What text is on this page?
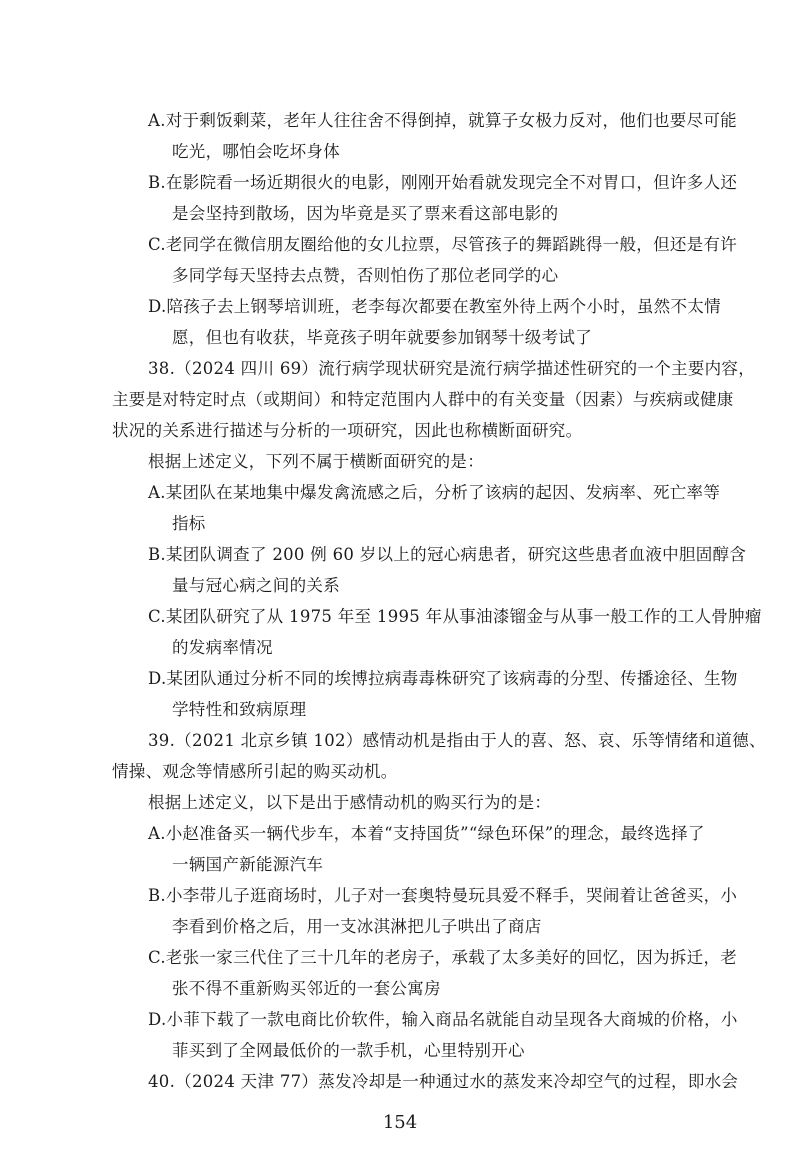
A.对于剩饭剩菜，老年人往往舍不得倒掉，就算子女极力反对，他们也要尽可能
吃光，哪怕会吃坏身体
B.在影院看一场近期很火的电影，刚刚开始看就发现完全不对胃口，但许多人还
是会坚持到散场，因为毕竟是买了票来看这部电影的
C.老同学在微信朋友圈给他的女儿拉票，尽管孩子的舞蹈跳得一般，但还是有许
多同学每天坚持去点赞，否则怕伤了那位老同学的心
D.陪孩子去上钢琴培训班，老李每次都要在教室外待上两个小时，虽然不太情
愿，但也有收获，毕竟孩子明年就要参加钢琴十级考试了
38.（2024 四川 69）流行病学现状研究是流行病学描述性研究的一个主要内容，
主要是对特定时点（或期间）和特定范围内人群中的有关变量（因素）与疾病或健康
状况的关系进行描述与分析的一项研究，因此也称横断面研究。
根据上述定义，下列不属于横断面研究的是：
A.某团队在某地集中爆发禽流感之后，分析了该病的起因、发病率、死亡率等
指标
B.某团队调查了 200 例 60 岁以上的冠心病患者，研究这些患者血液中胆固醇含
量与冠心病之间的关系
C.某团队研究了从 1975 年至 1995 年从事油漆镏金与从事一般工作的工人骨肿瘤
的发病率情况
D.某团队通过分析不同的埃博拉病毒毒株研究了该病毒的分型、传播途径、生物
学特性和致病原理
39.（2021 北京乡镇 102）感情动机是指由于人的喜、怒、哀、乐等情绪和道德、
情操、观念等情感所引起的购买动机。
根据上述定义，以下是出于感情动机的购买行为的是：
A.小赵准备买一辆代步车，本着“支持国货”“绿色环保”的理念，最终选择了
一辆国产新能源汽车
B.小李带儿子逛商场时，儿子对一套奥特曼玩具爱不释手，哭闹着让爸爸买，小
李看到价格之后，用一支冰淇淋把儿子哄出了商店
C.老张一家三代住了三十几年的老房子，承载了太多美好的回忆，因为拆迁，老
张不得不重新购买邻近的一套公寓房
D.小菲下载了一款电商比价软件，输入商品名就能自动呈现各大商城的价格，小
菲买到了全网最低价的一款手机，心里特别开心
40.（2024 天津 77）蒸发冷却是一种通过水的蒸发来冷却空气的过程，即水会
154
